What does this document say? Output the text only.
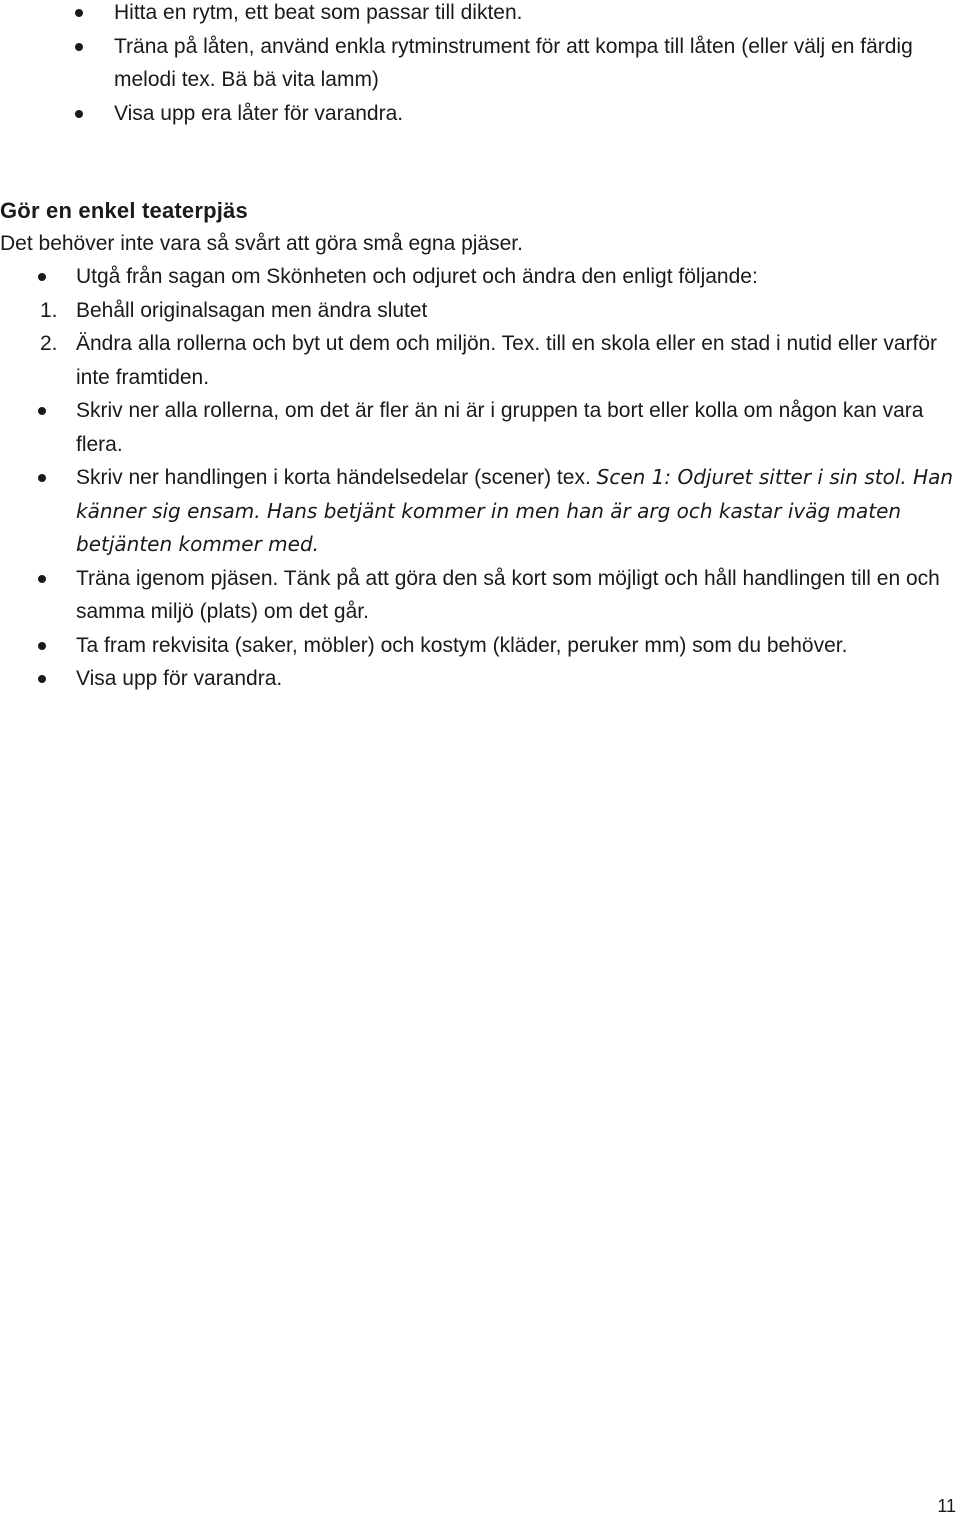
Hitta en rytm, ett beat som passar till dikten.
Träna på låten, använd enkla rytminstrument för att kompa till låten (eller välj en färdig melodi tex. Bä bä vita lamm)
Visa upp era låter för varandra.
Gör en enkel teaterpjäs
Det behöver inte vara så svårt att göra små egna pjäser.
Utgå från sagan om Skönheten och odjuret och ändra den enligt följande:
1. Behåll originalsagan men ändra slutet
2. Ändra alla rollerna och byt ut dem och miljön. Tex. till en skola eller en stad i nutid eller varför inte framtiden.
Skriv ner alla rollerna, om det är fler än ni är i gruppen ta bort eller kolla om någon kan vara flera.
Skriv ner handlingen i korta händelsedelar (scener) tex. Scen 1: Odjuret sitter i sin stol. Han känner sig ensam. Hans betjänt kommer in men han är arg och kastar iväg maten betjänten kommer med.
Träna igenom pjäsen. Tänk på att göra den så kort som möjligt och håll handlingen till en och samma miljö (plats) om det går.
Ta fram rekvisita (saker, möbler) och kostym (kläder, peruker mm) som du behöver.
Visa upp för varandra.
11
